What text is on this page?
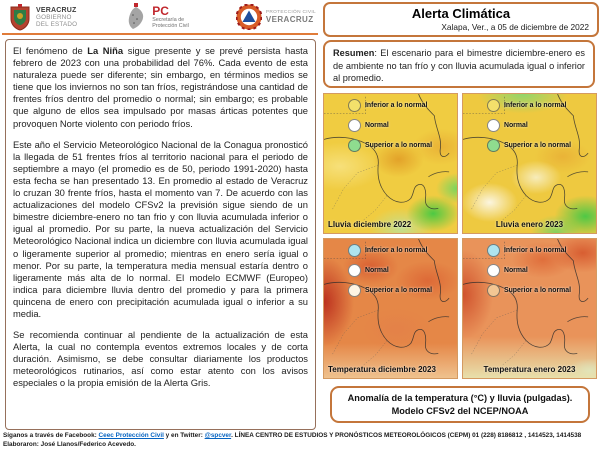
VERACRUZ
GOBIERNO
DEL ESTADO
PC
Secretaría de
Protección Civil
PROTECCIÓN CIVIL
VERACRUZ	Alerta Climática
Xalapa, Ver., a 05 de diciembre de 2022

El fenómeno de La Niña sigue presente y se prevé persista hasta febrero de 2023 con una probabilidad del 76%. Cada evento de esta naturaleza puede ser diferente; sin embargo, en términos medios se tiene que los inviernos no son tan fríos, registrándose una cantidad de frentes fríos dentro del promedio o normal; sin embargo; es probable que alguno de ellos sea impulsado por masas árticas potentes que provoquen Norte violento con periodo fríos.

Este año el Servicio Meteorológico Nacional de la Conagua pronosticó la llegada de 51 frentes fríos al territorio nacional para el periodo de septiembre a mayo (el promedio es de 50, periodo 1991-2020) hasta esta fecha se han presentado 13. En promedio al estado de Veracruz lo cruzan 30 frente fríos, hasta el momento van 7. De acuerdo con las actualizaciones del modelo CFSv2 la previsión sigue siendo de un bimestre diciembre-enero no tan frio y con lluvia acumulada inferior o igual al promedio. Por su parte, la nueva actualización del Servicio Meteorológico Nacional indica un diciembre con lluvia acumulada igual o ligeramente superior al promedio; mientras en enero sería igual o menor. Por su parte, la temperatura media mensual estaría dentro o ligeramente más alta de lo normal. El modelo ECMWF (Europeo) indica para diciembre lluvia dentro del promedio y para la primera quincena de enero con precipitación acumulada igual o inferior a su media.

Se recomienda continuar al pendiente de la actualización de esta Alerta, la cual no contempla eventos extremos locales y de corta duración. Asimismo, se debe consultar diariamente los productos meteorológicos rutinarios, así como estar atento con los avisos especiales o la propia emisión de la Alerta Gris.

Resumen: El escenario para el bimestre diciembre-enero es de ambiente no tan frío y con lluvia acumulada igual o inferior al promedio.
Inferior a lo normal
Normal
Superior a lo normal
Lluvia diciembre 2022
Inferior a lo normal
Normal
Superior a lo normal
Lluvia enero 2023
Inferior a lo normal
Normal
Superior a lo normal
Temperatura diciembre 2023
Inferior a lo normal
Normal
Superior a lo normal
Temperatura enero 2023
Anomalía de la temperatura (°C) y lluvia (pulgadas).
Modelo CFSv2 del NCEP/NOAA
Síganos a través de Facebook: Ceec Protección Civil y en Twitter: @spcver. LÍNEA CENTRO DE ESTUDIOS Y PRONÓSTICOS METEOROLÓGICOS (CEPM) 01 (228) 8186812 , 1414523, 1414538
Elaboraron: José Llanos/Federico Acevedo.
